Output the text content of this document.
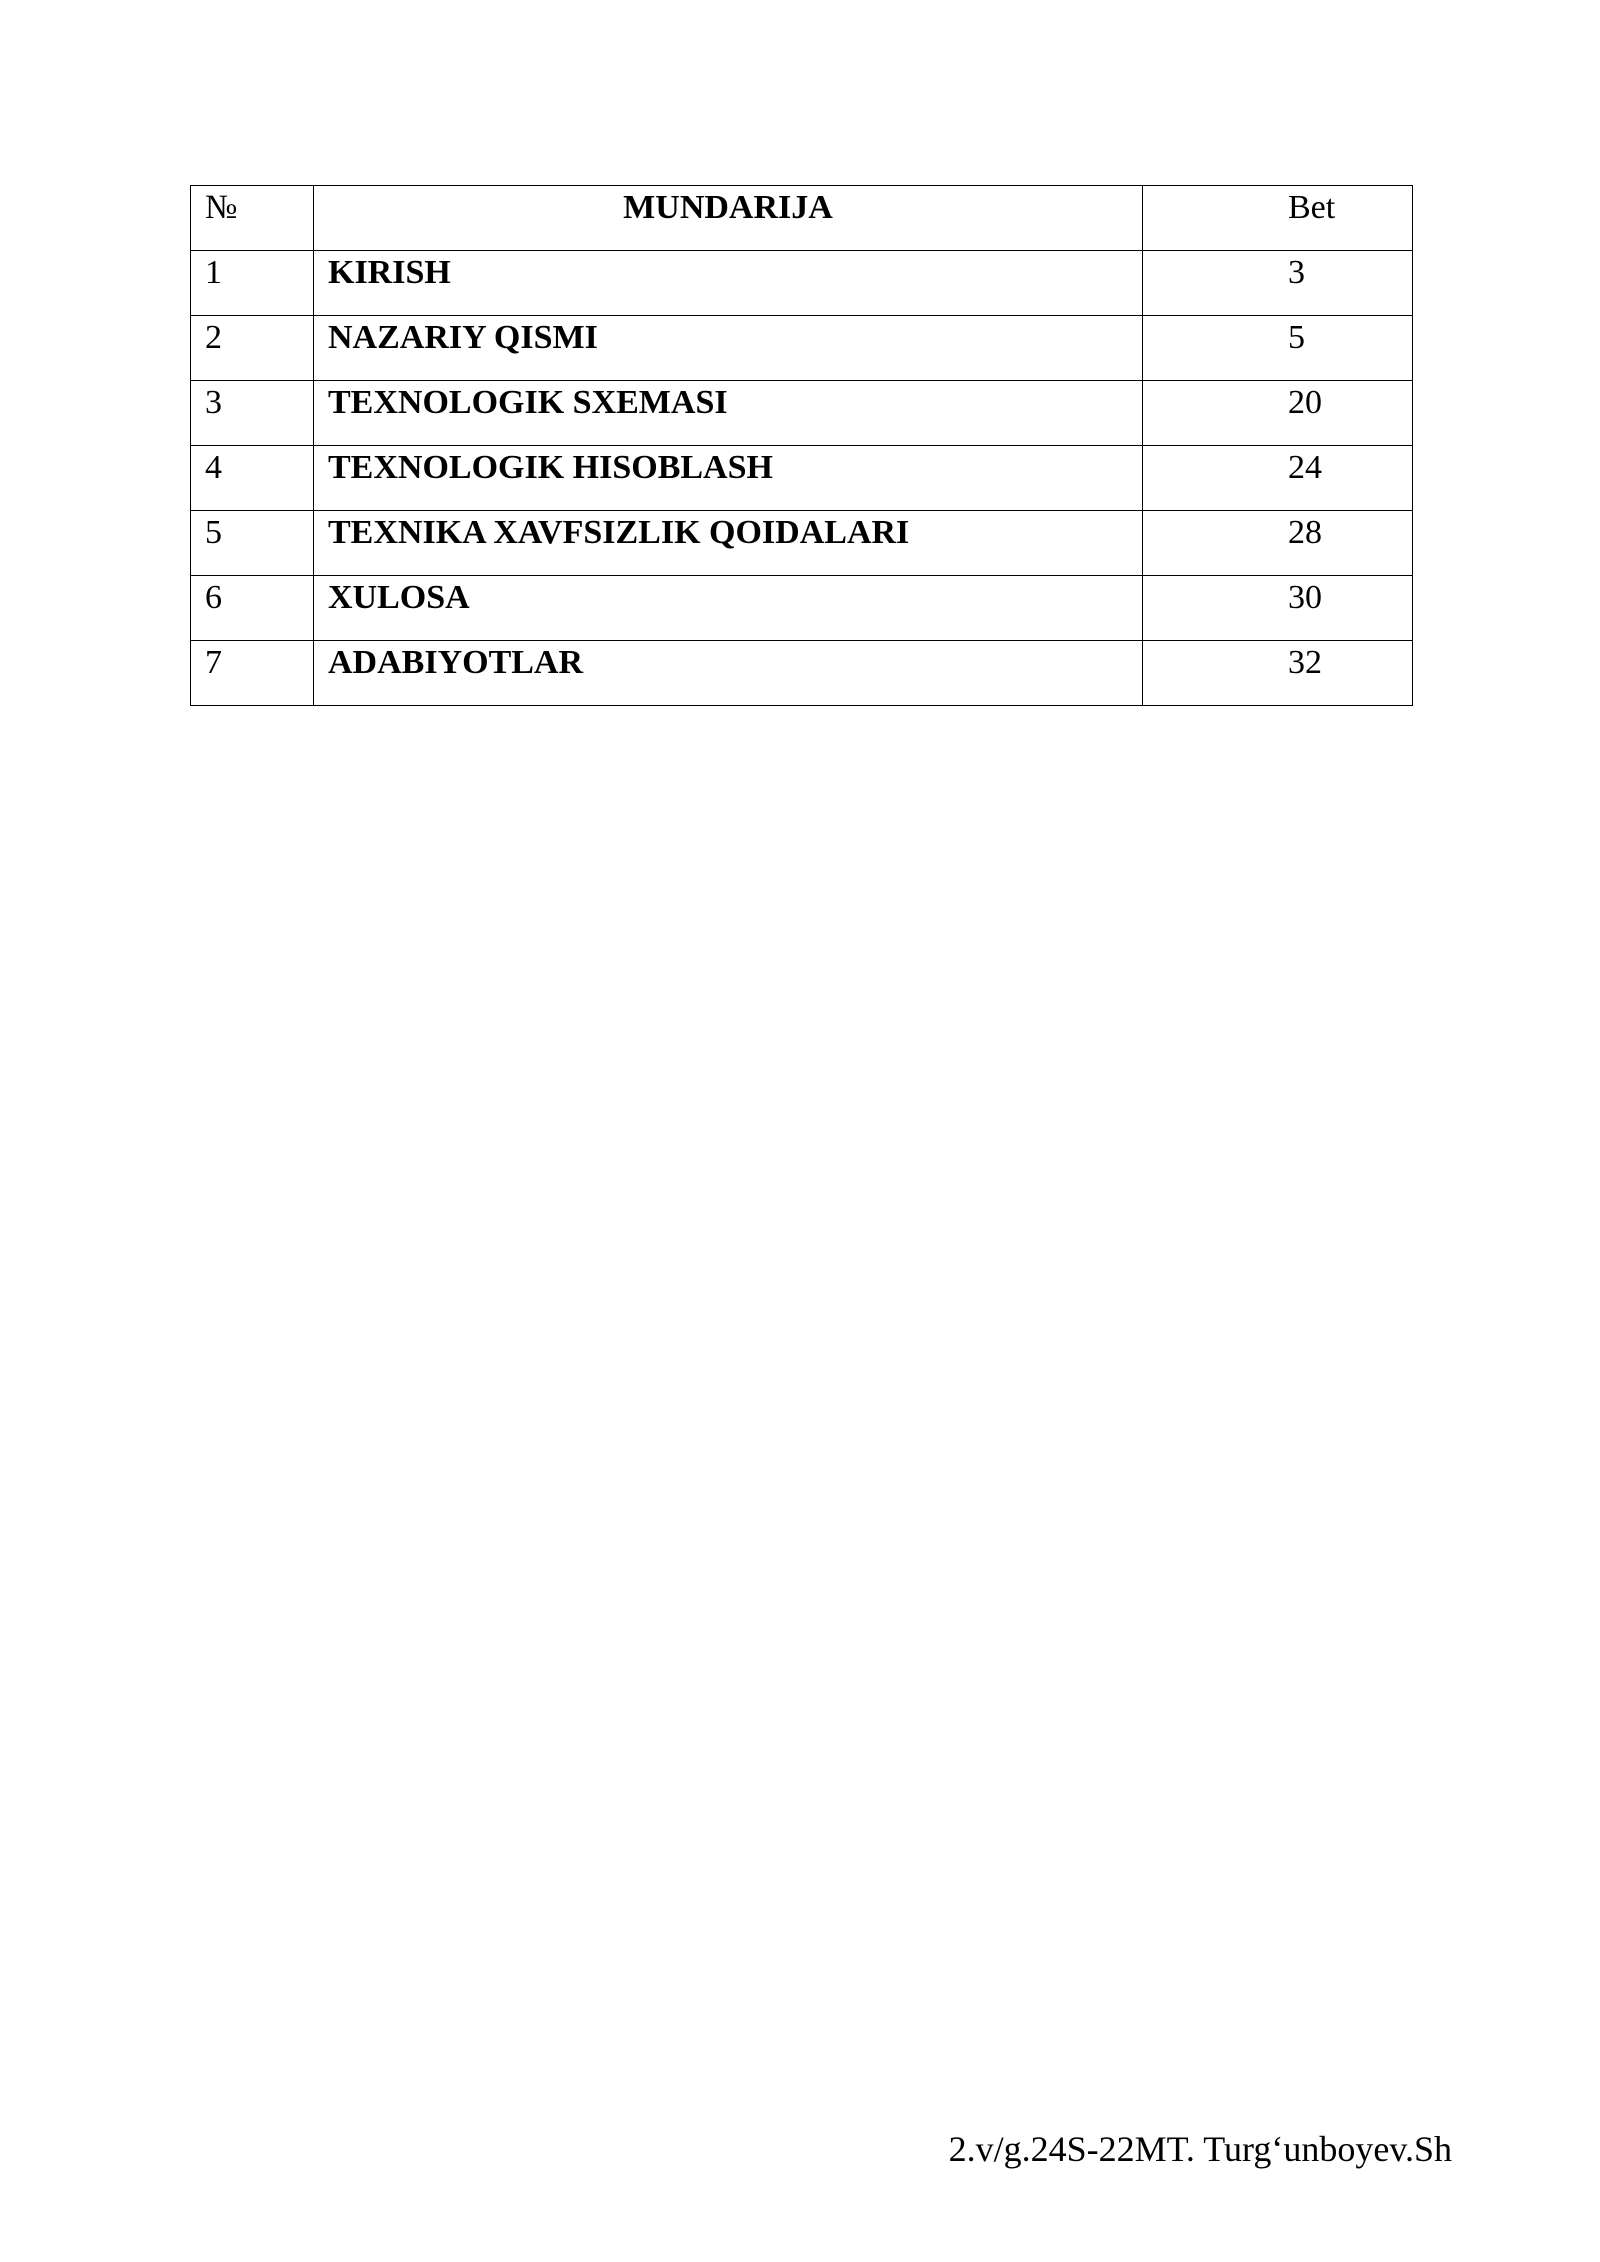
№	MUNDARIJA	Bet
1	KIRISH	3
2	NAZARIY QISMI	5
3	TEXNOLOGIK SXEMASI	20
4	TEXNOLOGIK HISOBLASH	24
5	TEXNIKA XAVFSIZLIK QOIDALARI	28
6	XULOSA	30
7	ADABIYOTLAR	32
2.v/g.24S-22MT. Turg‘unboyev.Sh
